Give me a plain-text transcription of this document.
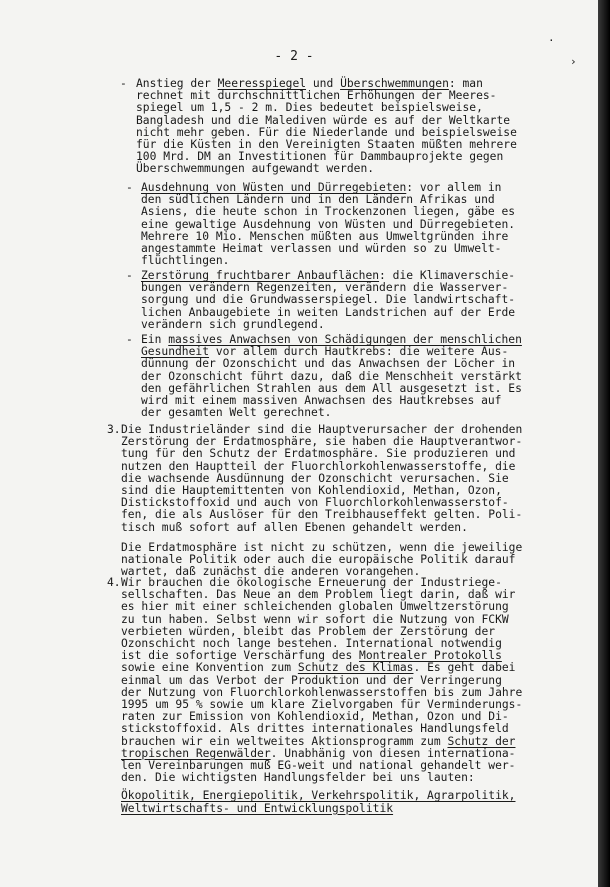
- 2 -
·
›
- Anstieg der Meeresspiegel und Überschwemmungen: man
rechnet mit durchschnittlichen Erhöhungen der Meeres-
spiegel um 1,5 - 2 m. Dies bedeutet beispielsweise,
Bangladesh und die Malediven würde es auf der Weltkarte
nicht mehr geben. Für die Niederlande und beispielsweise
für die Küsten in den Vereinigten Staaten müßten mehrere
100 Mrd. DM an Investitionen für Dammbauprojekte gegen
Überschwemmungen aufgewandt werden.
- Ausdehnung von Wüsten und Dürregebieten: vor allem in
den südlichen Ländern und in den Ländern Afrikas und
Asiens, die heute schon in Trockenzonen liegen, gäbe es
eine gewaltige Ausdehnung von Wüsten und Dürregebieten.
Mehrere 10 Mio. Menschen müßten aus Umweltgründen ihre
angestammte Heimat verlassen und würden so zu Umwelt-
flüchtlingen.
- Zerstörung fruchtbarer Anbauflächen: die Klimaverschie-
bungen verändern Regenzeiten, verändern die Wasserver-
sorgung und die Grundwasserspiegel. Die landwirtschaft-
lichen Anbaugebiete in weiten Landstrichen auf der Erde
verändern sich grundlegend.
- Ein massives Anwachsen von Schädigungen der menschlichen
Gesundheit vor allem durch Hautkrebs: die weitere Aus-
dünnung der Ozonschicht und das Anwachsen der Löcher in
der Ozonschicht führt dazu, daß die Menschheit verstärkt
den gefährlichen Strahlen aus dem All ausgesetzt ist. Es
wird mit einem massiven Anwachsen des Hautkrebses auf
der gesamten Welt gerechnet.
3. Die Industrieländer sind die Hauptverursacher der drohenden
Zerstörung der Erdatmosphäre, sie haben die Hauptverantwor-
tung für den Schutz der Erdatmosphäre. Sie produzieren und
nutzen den Hauptteil der Fluorchlorkohlenwasserstoffe, die
die wachsende Ausdünnung der Ozonschicht verursachen. Sie
sind die Hauptemittenten von Kohlendioxid, Methan, Ozon,
Distickstoffoxid und auch von Fluorchlorkohlenwasserstof-
fen, die als Auslöser für den Treibhauseffekt gelten. Poli-
tisch muß sofort auf allen Ebenen gehandelt werden.
Die Erdatmosphäre ist nicht zu schützen, wenn die jeweilige
nationale Politik oder auch die europäische Politik darauf
wartet, daß zunächst die anderen vorangehen.
4. Wir brauchen die ökologische Erneuerung der Industriege-
sellschaften. Das Neue an dem Problem liegt darin, daß wir
es hier mit einer schleichenden globalen Umweltzerstörung
zu tun haben. Selbst wenn wir sofort die Nutzung von FCKW
verbieten würden, bleibt das Problem der Zerstörung der
Ozonschicht noch lange bestehen. International notwendig
ist die sofortige Verschärfung des Montrealer Protokolls
sowie eine Konvention zum Schutz des Klimas. Es geht dabei
einmal um das Verbot der Produktion und der Verringerung
der Nutzung von Fluorchlorkohlenwasserstoffen bis zum Jahre
1995 um 95 % sowie um klare Zielvorgaben für Verminderungs-
raten zur Emission von Kohlendioxid, Methan, Ozon und Di-
stickstoffoxid. Als drittes internationales Handlungsfeld
brauchen wir ein weltweites Aktionsprogramm zum Schutz der
tropischen Regenwälder. Unabhänig von diesen internationa-
len Vereinbarungen muß EG-weit und national gehandelt wer-
den. Die wichtigsten Handlungsfelder bei uns lauten:
Ökopolitik, Energiepolitik, Verkehrspolitik, Agrarpolitik,
Weltwirtschafts- und Entwicklungspolitik
